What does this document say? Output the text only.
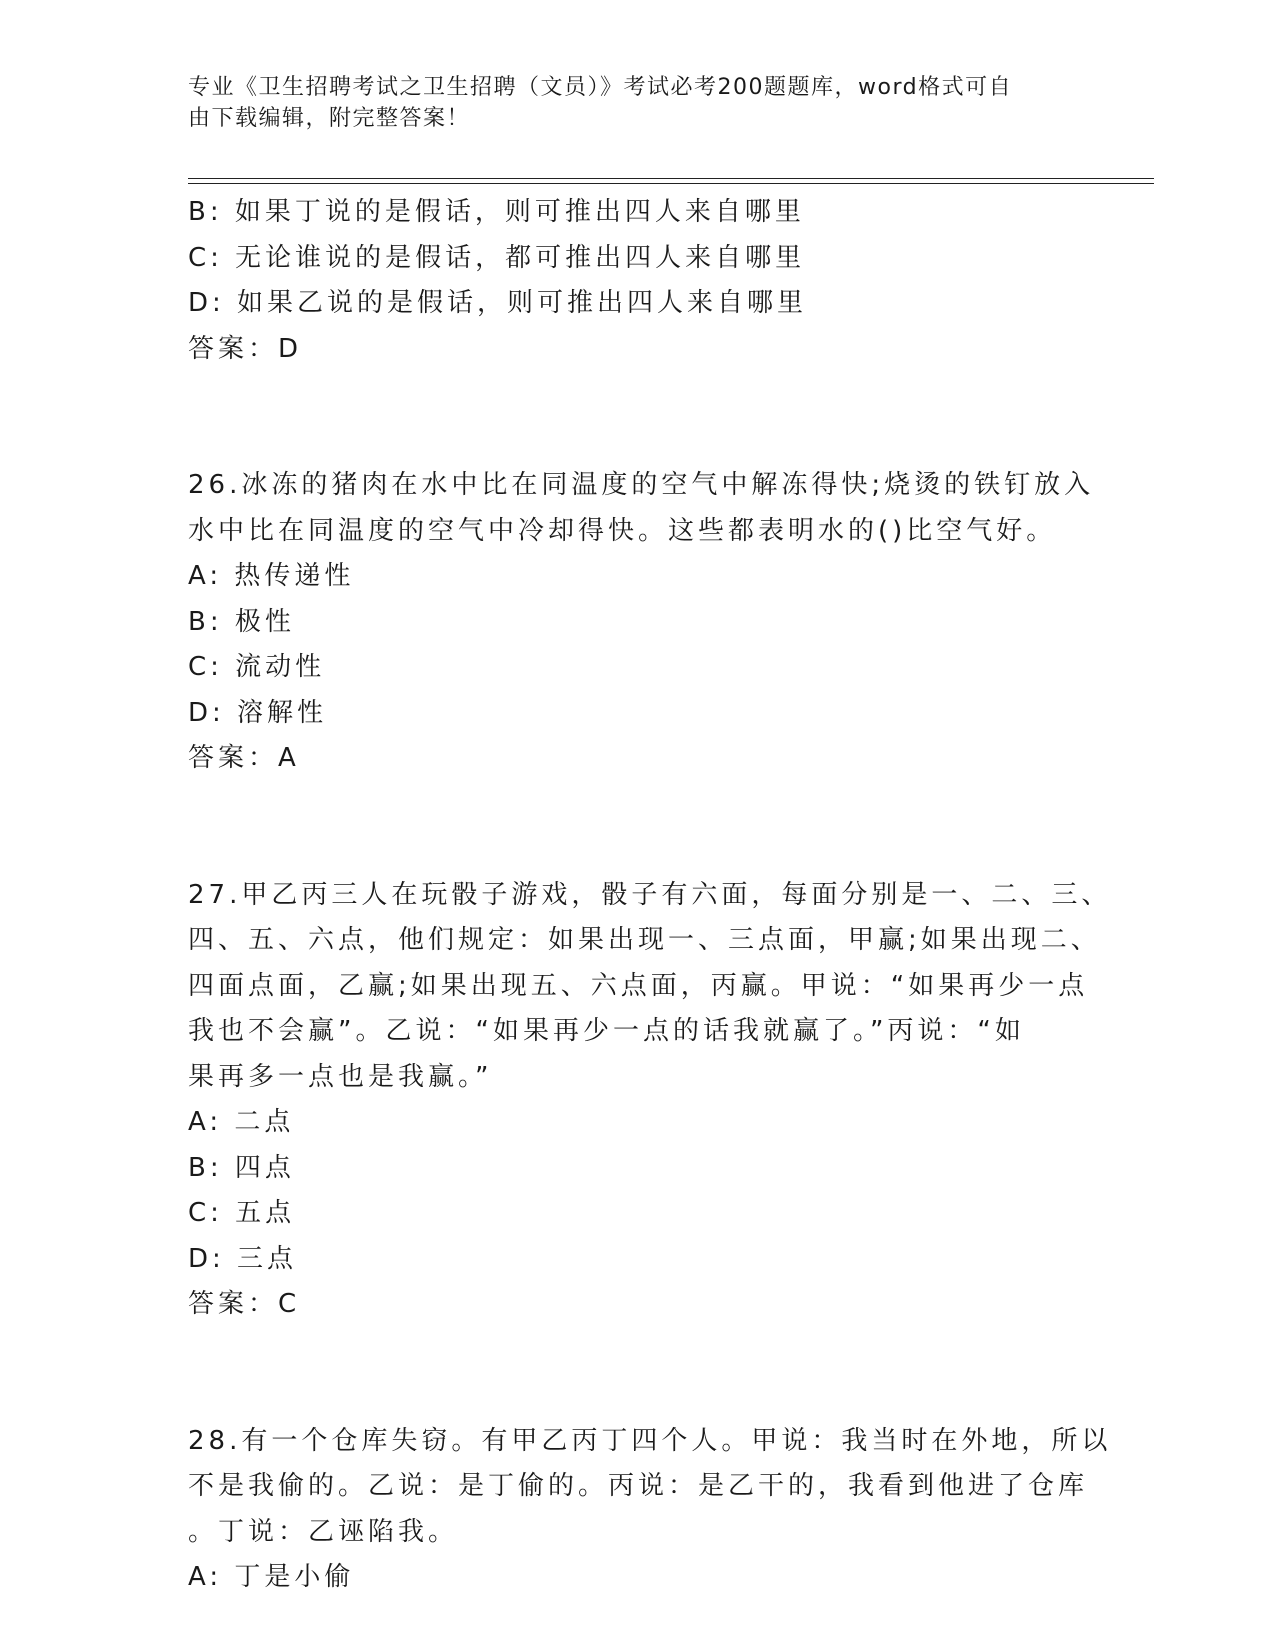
专业《卫生招聘考试之卫生招聘（文员）》考试必考200题题库，word格式可自
由下载编辑，附完整答案！
B: 如果丁说的是假话，则可推出四人来自哪里
C: 无论谁说的是假话，都可推出四人来自哪里
D: 如果乙说的是假话，则可推出四人来自哪里
答案：D
26.冰冻的猪肉在水中比在同温度的空气中解冻得快;烧烫的铁钉放入
水中比在同温度的空气中冷却得快。这些都表明水的()比空气好。
A: 热传递性
B: 极性
C: 流动性
D: 溶解性
答案：A
27.甲乙丙三人在玩骰子游戏，骰子有六面，每面分别是一、二、三、
四、五、六点，他们规定：如果出现一、三点面，甲赢;如果出现二、
四面点面，乙赢;如果出现五、六点面，丙赢。甲说：“如果再少一点
我也不会赢”。乙说：“如果再少一点的话我就赢了。”丙说：“如
果再多一点也是我赢。”
A: 二点
B: 四点
C: 五点
D: 三点
答案：C
28.有一个仓库失窃。有甲乙丙丁四个人。甲说：我当时在外地，所以
不是我偷的。乙说：是丁偷的。丙说：是乙干的，我看到他进了仓库
。丁说：乙诬陷我。
A: 丁是小偷
